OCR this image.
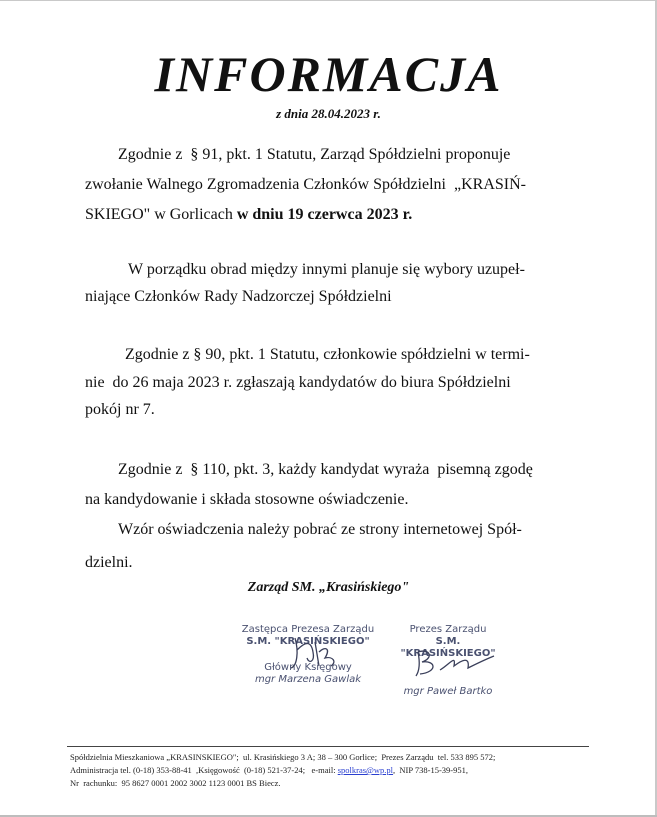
INFORMACJA
z dnia 28.04.2023 r.
Zgodnie z  § 91, pkt. 1 Statutu, Zarząd Spółdzielni proponuje
zwołanie Walnego Zgromadzenia Członków Spółdzielni  „KRASIŃ-
SKIEGO" w Gorlicach w dniu 19 czerwca 2023 r.
W porządku obrad między innymi planuje się wybory uzupeł-
niające Członków Rady Nadzorczej Spółdzielni
Zgodnie z § 90, pkt. 1 Statutu, członkowie spółdzielni w termi-
nie  do 26 maja 2023 r. zgłaszają kandydatów do biura Spółdzielni
pokój nr 7.
Zgodnie z  § 110, pkt. 3, każdy kandydat wyraża  pisemną zgodę
na kandydowanie i składa stosowne oświadczenie.
Wzór oświadczenia należy pobrać ze strony internetowej Spół-
dzielni.
Zarząd SM. „Krasińskiego"
Zastępca Prezesa Zarządu
S.M. "KRASIŃSKIEGO"
Główny Księgowy
mgr Marzena Gawlak
Prezes Zarządu
S.M. "KRASIŃSKIEGO"
mgr Paweł Bartko
Spółdzielnia Mieszkaniowa „KRASINSKIEGO";  ul. Krasińskiego 3 A; 38 – 300 Gorlice;  Prezes Zarządu  tel. 533 895 572;
Administracja tel. (0-18) 353-88-41  ,Księgowość  (0-18) 521-37-24;   e-mail: spolkras@wp.pl,  NIP 738-15-39-951,
Nr  rachunku:  95 8627 0001 2002 3002 1123 0001 BS Biecz.
